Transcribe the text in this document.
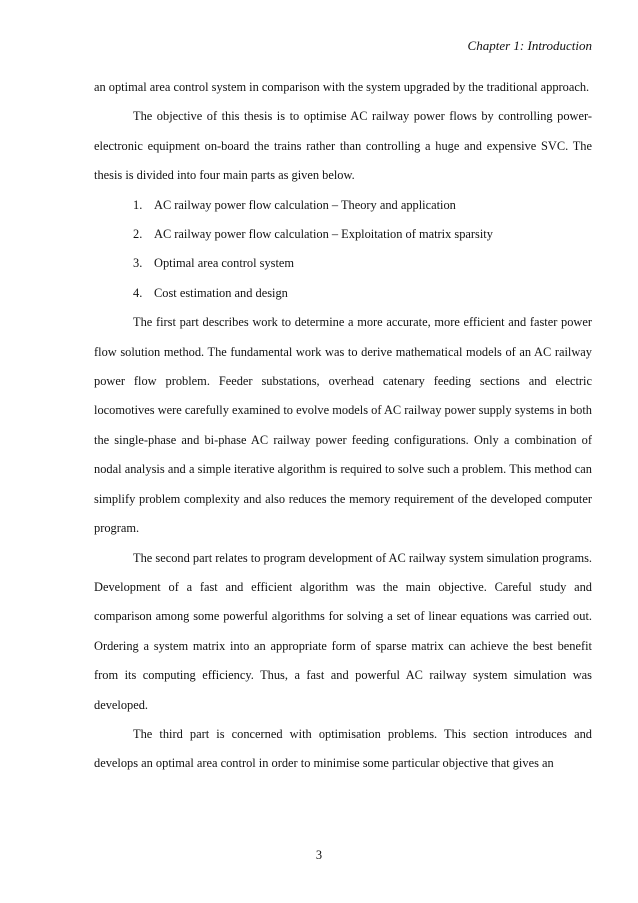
Chapter 1: Introduction

an optimal area control system in comparison with the system upgraded by the traditional approach.

The objective of this thesis is to optimise AC railway power flows by controlling power-electronic equipment on-board the trains rather than controlling a huge and expensive SVC. The thesis is divided into four main parts as given below.

1. AC railway power flow calculation – Theory and application
2. AC railway power flow calculation – Exploitation of matrix sparsity
3. Optimal area control system
4. Cost estimation and design

The first part describes work to determine a more accurate, more efficient and faster power flow solution method. The fundamental work was to derive mathematical models of an AC railway power flow problem. Feeder substations, overhead catenary feeding sections and electric locomotives were carefully examined to evolve models of AC railway power supply systems in both the single-phase and bi-phase AC railway power feeding configurations. Only a combination of nodal analysis and a simple iterative algorithm is required to solve such a problem. This method can simplify problem complexity and also reduces the memory requirement of the developed computer program.

The second part relates to program development of AC railway system simulation programs. Development of a fast and efficient algorithm was the main objective. Careful study and comparison among some powerful algorithms for solving a set of linear equations was carried out. Ordering a system matrix into an appropriate form of sparse matrix can achieve the best benefit from its computing efficiency. Thus, a fast and powerful AC railway system simulation was developed.

The third part is concerned with optimisation problems. This section introduces and develops an optimal area control in order to minimise some particular objective that gives an

3
